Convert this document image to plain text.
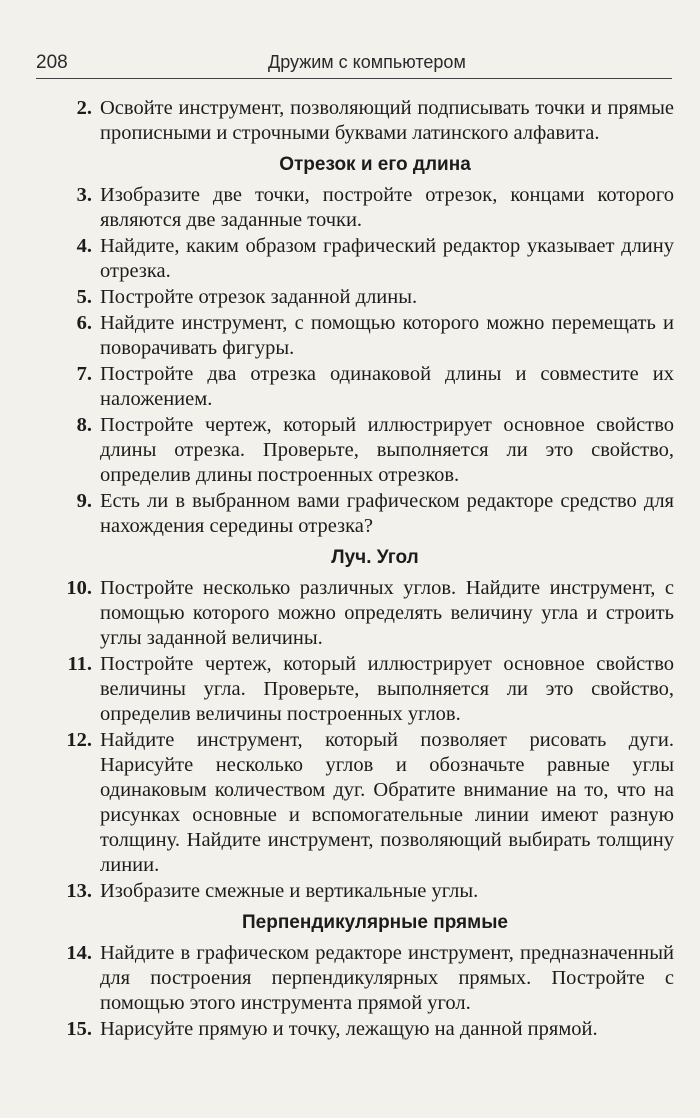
208	Дружим с компьютером
2. Освойте инструмент, позволяющий подписывать точки и прямые прописными и строчными буквами латинского алфавита.
Отрезок и его длина
3. Изобразите две точки, постройте отрезок, концами которого являются две заданные точки.
4. Найдите, каким образом графический редактор указывает длину отрезка.
5. Постройте отрезок заданной длины.
6. Найдите инструмент, с помощью которого можно перемещать и поворачивать фигуры.
7. Постройте два отрезка одинаковой длины и совместите их наложением.
8. Постройте чертеж, который иллюстрирует основное свойство длины отрезка. Проверьте, выполняется ли это свойство, определив длины построенных отрезков.
9. Есть ли в выбранном вами графическом редакторе средство для нахождения середины отрезка?
Луч. Угол
10. Постройте несколько различных углов. Найдите инструмент, с помощью которого можно определять величину угла и строить углы заданной величины.
11. Постройте чертеж, который иллюстрирует основное свойство величины угла. Проверьте, выполняется ли это свойство, определив величины построенных углов.
12. Найдите инструмент, который позволяет рисовать дуги. Нарисуйте несколько углов и обозначьте равные углы одинаковым количеством дуг. Обратите внимание на то, что на рисунках основные и вспомогательные линии имеют разную толщину. Найдите инструмент, позволяющий выбирать толщину линии.
13. Изобразите смежные и вертикальные углы.
Перпендикулярные прямые
14. Найдите в графическом редакторе инструмент, предназначенный для построения перпендикулярных прямых. Постройте с помощью этого инструмента прямой угол.
15. Нарисуйте прямую и точку, лежащую на данной прямой.
